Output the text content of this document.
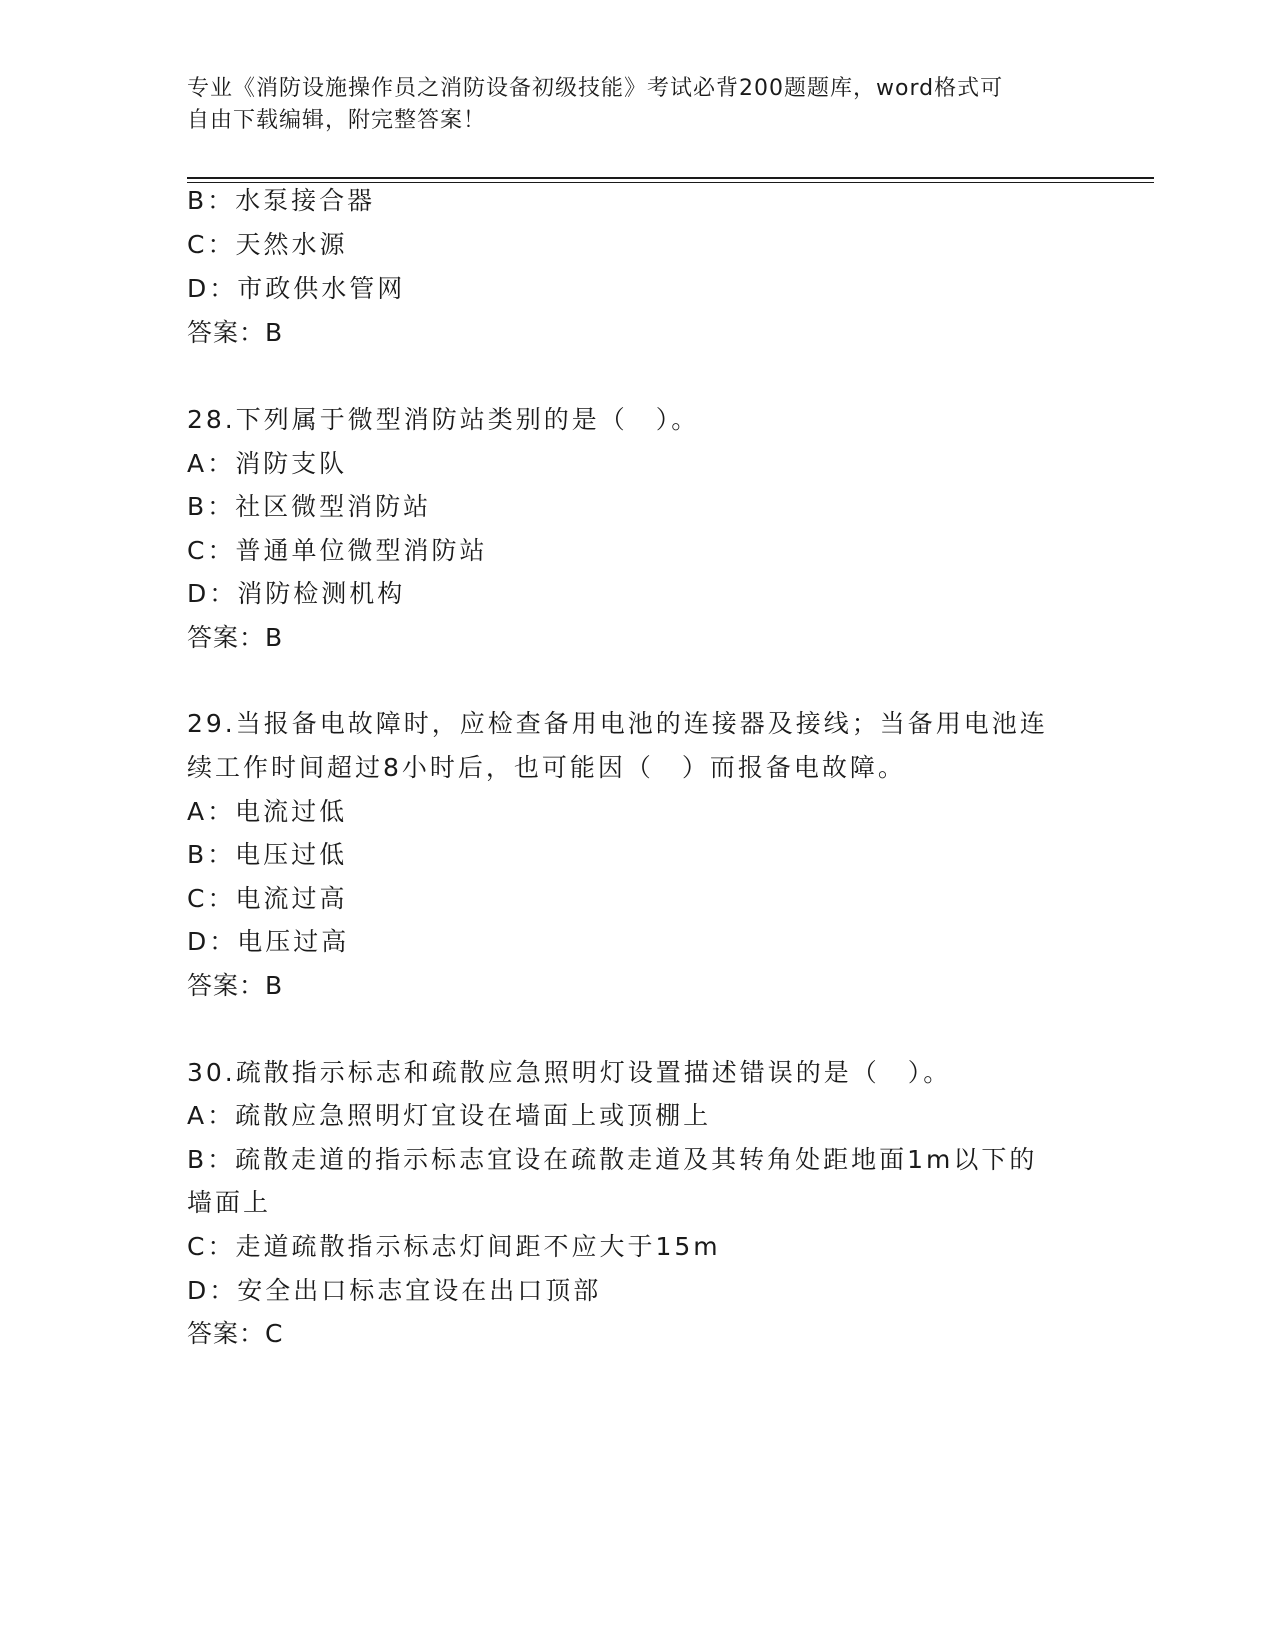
专业《消防设施操作员之消防设备初级技能》考试必背200题题库，word格式可
自由下载编辑，附完整答案！
B：水泵接合器
C：天然水源
D：市政供水管网
答案：B
28.下列属于微型消防站类别的是（　）。
A：消防支队
B：社区微型消防站
C：普通单位微型消防站
D：消防检测机构
答案：B
29.当报备电故障时，应检查备用电池的连接器及接线；当备用电池连
续工作时间超过8小时后，也可能因（　）而报备电故障。
A：电流过低
B：电压过低
C：电流过高
D：电压过高
答案：B
30.疏散指示标志和疏散应急照明灯设置描述错误的是（　）。
A：疏散应急照明灯宜设在墙面上或顶棚上
B：疏散走道的指示标志宜设在疏散走道及其转角处距地面1m以下的
墙面上
C：走道疏散指示标志灯间距不应大于15m
D：安全出口标志宜设在出口顶部
答案：C
